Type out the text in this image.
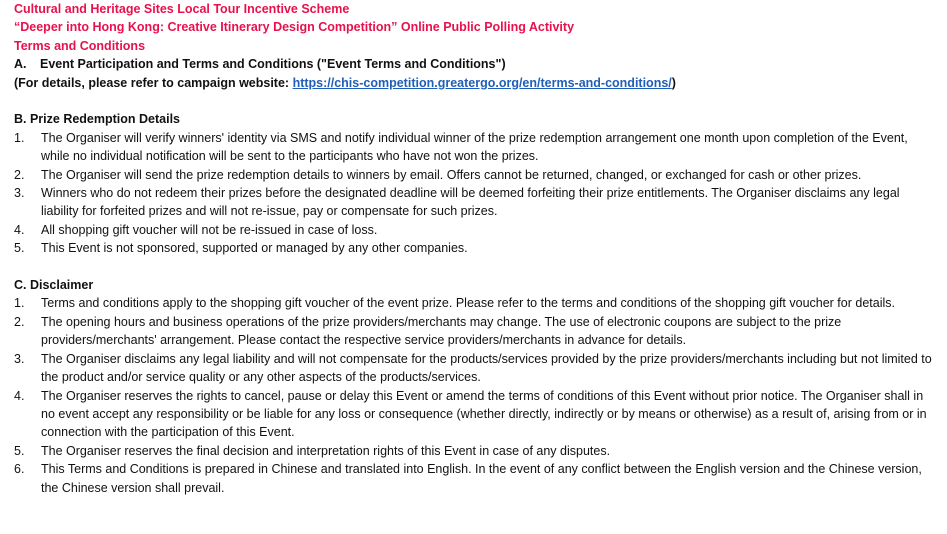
Cultural and Heritage Sites Local Tour Incentive Scheme
“Deeper into Hong Kong: Creative Itinerary Design Competition” Online Public Polling Activity
Terms and Conditions
A. Event Participation and Terms and Conditions ("Event Terms and Conditions")
(For details, please refer to campaign website: https://chis-competition.greatergo.org/en/terms-and-conditions/)
B. Prize Redemption Details
1. The Organiser will verify winners' identity via SMS and notify individual winner of the prize redemption arrangement one month upon completion of the Event, while no individual notification will be sent to the participants who have not won the prizes.
2. The Organiser will send the prize redemption details to winners by email. Offers cannot be returned, changed, or exchanged for cash or other prizes.
3. Winners who do not redeem their prizes before the designated deadline will be deemed forfeiting their prize entitlements. The Organiser disclaims any legal liability for forfeited prizes and will not re-issue, pay or compensate for such prizes.
4. All shopping gift voucher will not be re-issued in case of loss.
5. This Event is not sponsored, supported or managed by any other companies.
C. Disclaimer
1. Terms and conditions apply to the shopping gift voucher of the event prize. Please refer to the terms and conditions of the shopping gift voucher for details.
2. The opening hours and business operations of the prize providers/merchants may change. The use of electronic coupons are subject to the prize providers/merchants' arrangement. Please contact the respective service providers/merchants in advance for details.
3. The Organiser disclaims any legal liability and will not compensate for the products/services provided by the prize providers/merchants including but not limited to the product and/or service quality or any other aspects of the products/services.
4. The Organiser reserves the rights to cancel, pause or delay this Event or amend the terms of conditions of this Event without prior notice. The Organiser shall in no event accept any responsibility or be liable for any loss or consequence (whether directly, indirectly or by means or otherwise) as a result of, arising from or in connection with the participation of this Event.
5. The Organiser reserves the final decision and interpretation rights of this Event in case of any disputes.
6. This Terms and Conditions is prepared in Chinese and translated into English. In the event of any conflict between the English version and the Chinese version, the Chinese version shall prevail.
